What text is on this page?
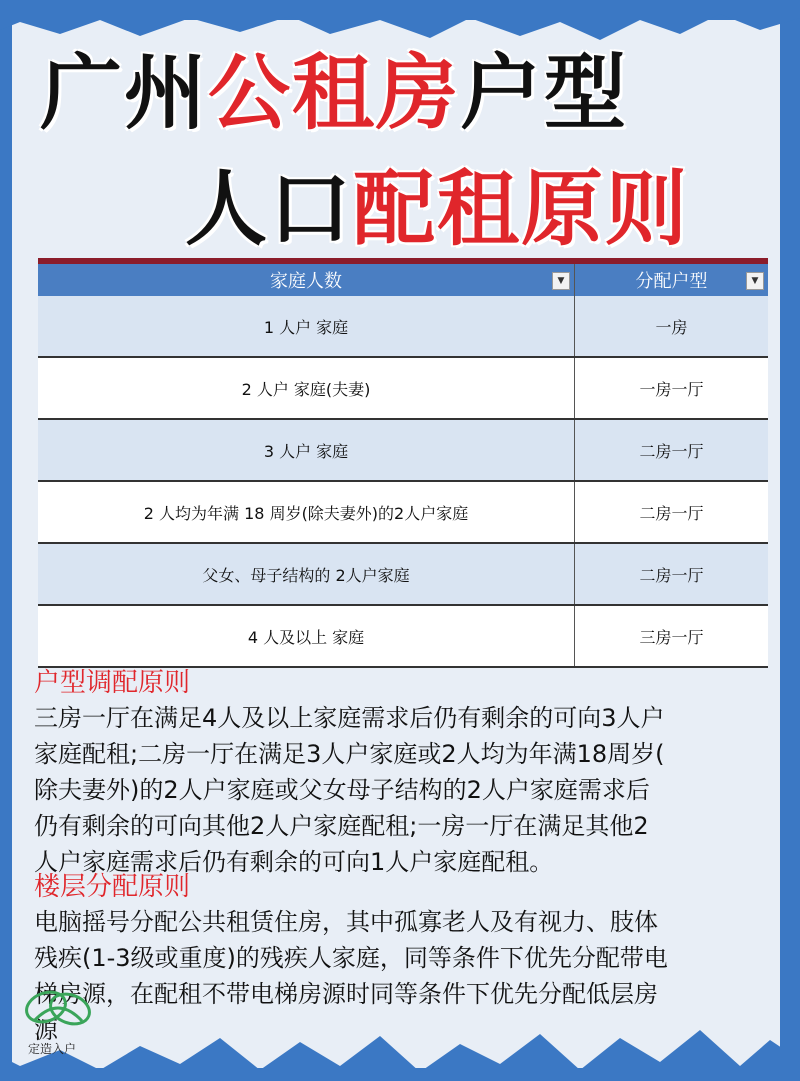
广州公租房户型
人口配租原则
家庭人数	▼	分配户型	▼
1 人户 家庭	一房
2 人户 家庭(夫妻)	一房一厅
3 人户 家庭	二房一厅
2 人均为年满 18 周岁(除夫妻外)的2人户家庭	二房一厅
父女、母子结构的 2人户家庭	二房一厅
4 人及以上 家庭	三房一厅
户型调配原则
三房一厅在满足4人及以上家庭需求后仍有剩余的可向3人户
家庭配租;二房一厅在满足3人户家庭或2人均为年满18周岁(
除夫妻外)的2人户家庭或父女母子结构的2人户家庭需求后
仍有剩余的可向其他2人户家庭配租;一房一厅在满足其他2
人户家庭需求后仍有剩余的可向1人户家庭配租。
楼层分配原则
电脑摇号分配公共租赁住房，其中孤寡老人及有视力、肢体
残疾(1-3级或重度)的残疾人家庭，同等条件下优先分配带电
梯房源，在配租不带电梯房源时同等条件下优先分配低层房
源
定造入户
